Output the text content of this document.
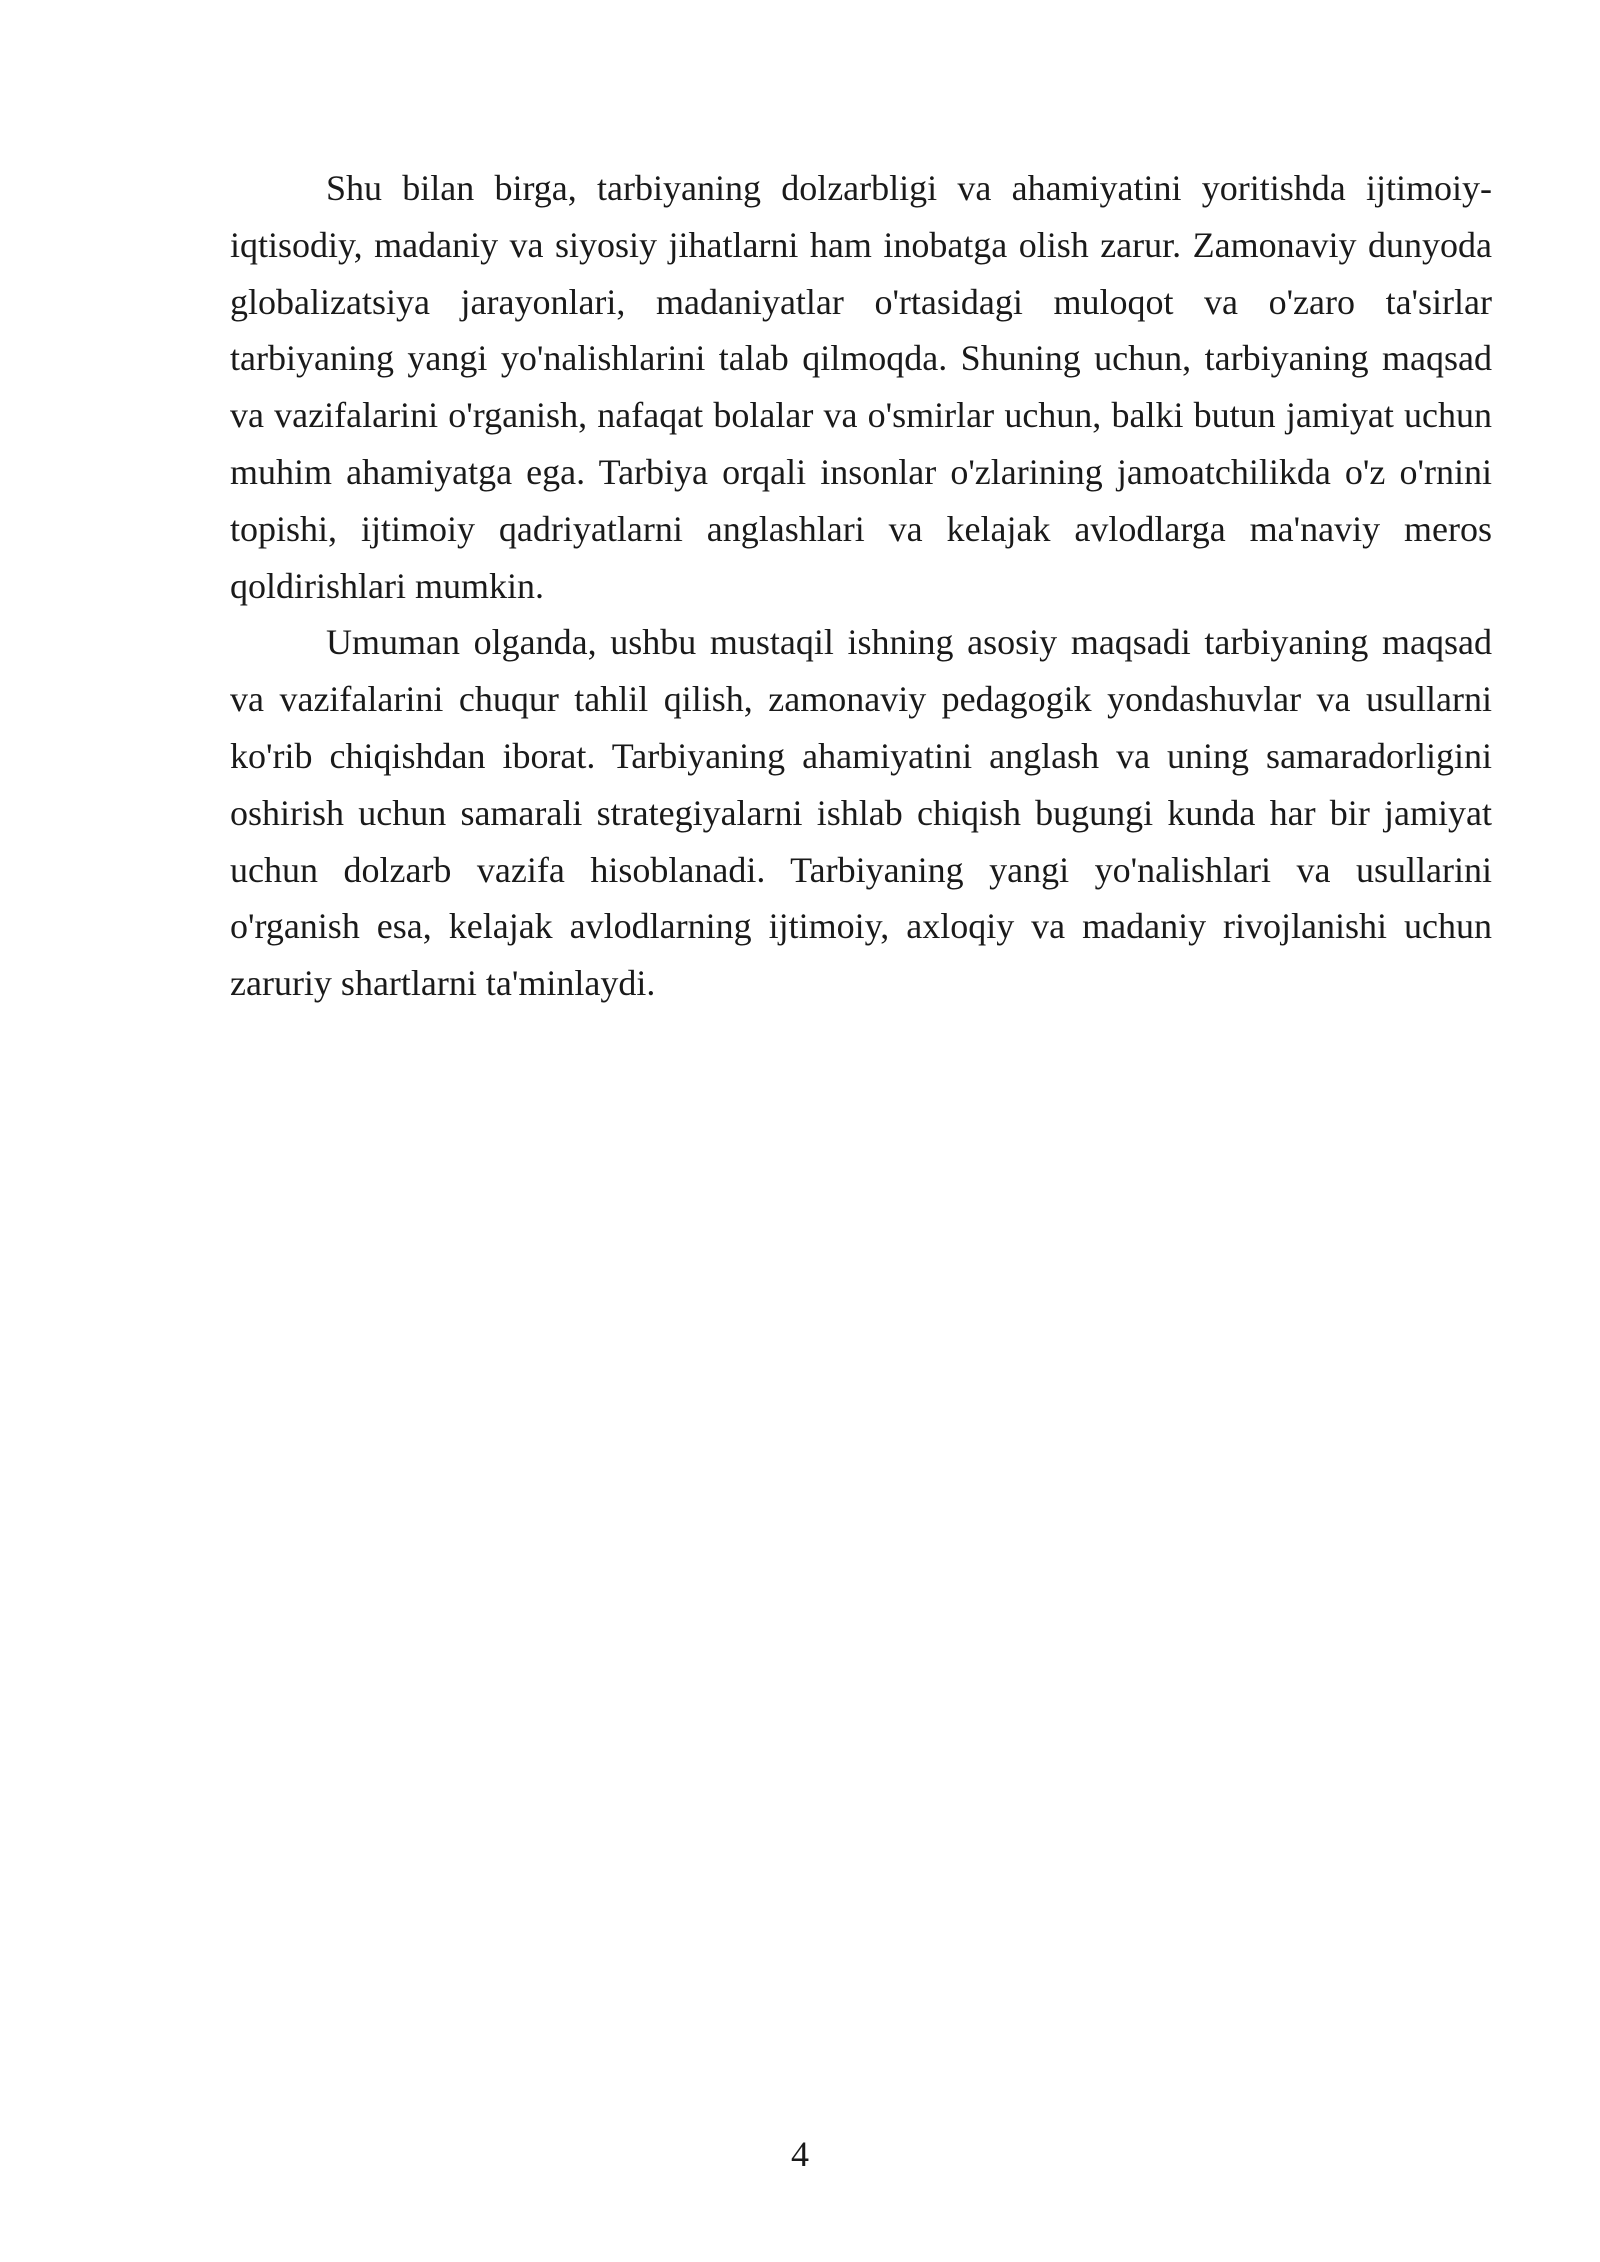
Shu bilan birga, tarbiyaning dolzarbligi va ahamiyatini yoritishda ijtimoiy-iqtisodiy, madaniy va siyosiy jihatlarni ham inobatga olish zarur. Zamonaviy dunyoda globalizatsiya jarayonlari, madaniyatlar o'rtasidagi muloqot va o'zaro ta'sirlar tarbiyaning yangi yo'nalishlarini talab qilmoqda. Shuning uchun, tarbiyaning maqsad va vazifalarini o'rganish, nafaqat bolalar va o'smirlar uchun, balki butun jamiyat uchun muhim ahamiyatga ega. Tarbiya orqali insonlar o'zlarining jamoatchilikda o'z o'rnini topishi, ijtimoiy qadriyatlarni anglashlari va kelajak avlodlarga ma'naviy meros qoldirishlari mumkin.

Umuman olganda, ushbu mustaqil ishning asosiy maqsadi tarbiyaning maqsad va vazifalarini chuqur tahlil qilish, zamonaviy pedagogik yondashuvlar va usullarni ko'rib chiqishdan iborat. Tarbiyaning ahamiyatini anglash va uning samaradorligini oshirish uchun samarali strategiyalarni ishlab chiqish bugungi kunda har bir jamiyat uchun dolzarb vazifa hisoblanadi. Tarbiyaning yangi yo'nalishlari va usullarini o'rganish esa, kelajak avlodlarning ijtimoiy, axloqiy va madaniy rivojlanishi uchun zaruriy shartlarni ta'minlaydi.

4
